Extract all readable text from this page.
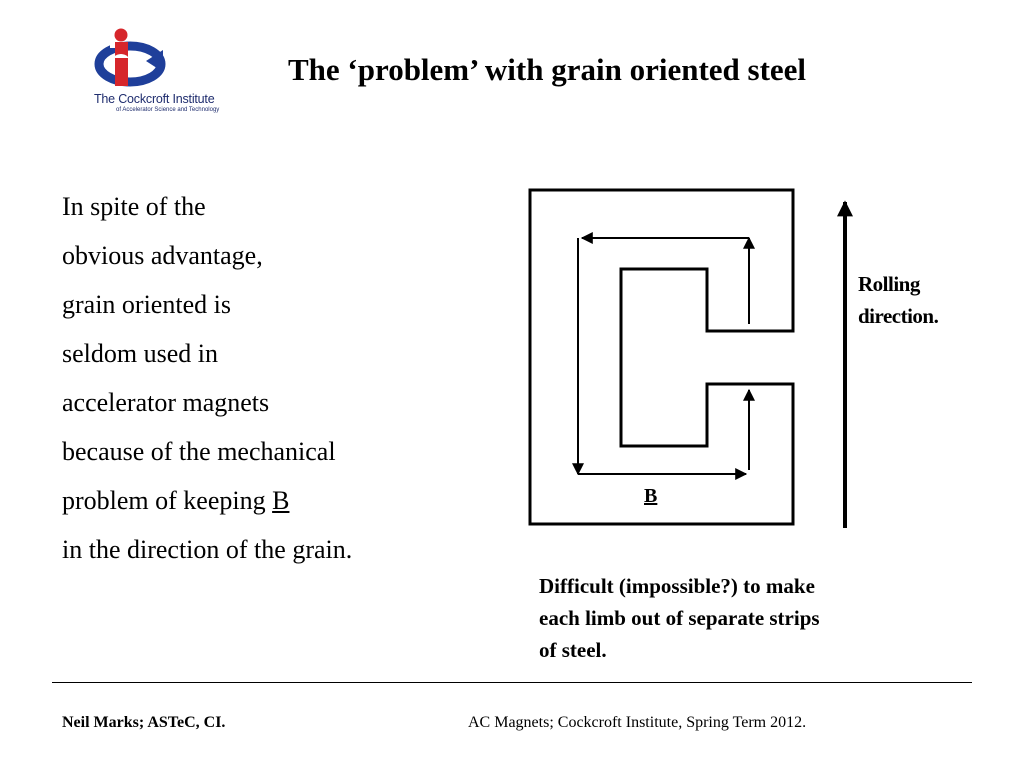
The Cockcroft Institute
of Accelerator Science and Technology
The ‘problem’ with grain oriented steel
In spite of the
obvious advantage,
grain oriented is
seldom used in
accelerator magnets
because of the mechanical
problem of keeping B
in the direction of the grain.
B
Rolling
direction.
Difficult (impossible?) to make
each limb out of separate strips
of steel.
Neil Marks; ASTeC, CI.	AC Magnets; Cockcroft Institute, Spring Term 2012.
